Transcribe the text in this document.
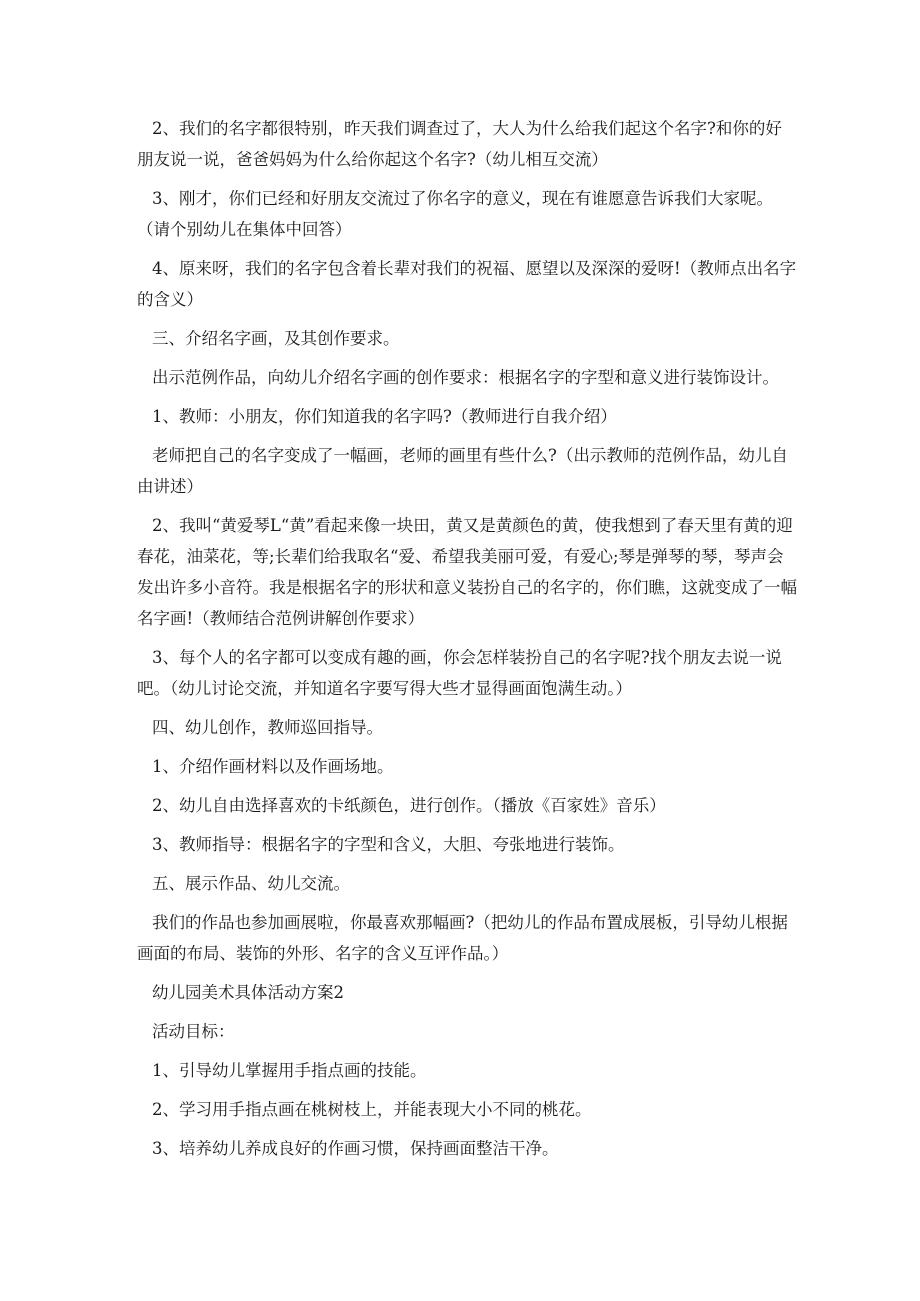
2、我们的名字都很特别，昨天我们调查过了，大人为什么给我们起这个名字?和你的好朋友说一说，爸爸妈妈为什么给你起这个名字?（幼儿相互交流）

3、刚才，你们已经和好朋友交流过了你名字的意义，现在有谁愿意告诉我们大家呢。（请个别幼儿在集体中回答）

4、原来呀，我们的名字包含着长辈对我们的祝福、愿望以及深深的爱呀!（教师点出名字的含义）

三、介绍名字画，及其创作要求。

出示范例作品，向幼儿介绍名字画的创作要求：根据名字的字型和意义进行装饰设计。

1、教师：小朋友，你们知道我的名字吗?（教师进行自我介绍）

老师把自己的名字变成了一幅画，老师的画里有些什么?（出示教师的范例作品，幼儿自由讲述）

2、我叫“黄爱琴L“黄”看起来像一块田，黄又是黄颜色的黄，使我想到了春天里有黄的迎春花，油菜花，等;长辈们给我取名“爱、希望我美丽可爱，有爱心;琴是弹琴的琴，琴声会发出许多小音符。我是根据名字的形状和意义装扮自己的名字的，你们瞧，这就变成了一幅名字画!（教师结合范例讲解创作要求）

3、每个人的名字都可以变成有趣的画，你会怎样装扮自己的名字呢?找个朋友去说一说吧。（幼儿讨论交流，并知道名字要写得大些才显得画面饱满生动。）

四、幼儿创作，教师巡回指导。

1、介绍作画材料以及作画场地。

2、幼儿自由选择喜欢的卡纸颜色，进行创作。（播放《百家姓》音乐）

3、教师指导：根据名字的字型和含义，大胆、夸张地进行装饰。

五、展示作品、幼儿交流。

我们的作品也参加画展啦，你最喜欢那幅画?（把幼儿的作品布置成展板，引导幼儿根据画面的布局、装饰的外形、名字的含义互评作品。）

幼儿园美术具体活动方案2

活动目标：

1、引导幼儿掌握用手指点画的技能。

2、学习用手指点画在桃树枝上，并能表现大小不同的桃花。

3、培养幼儿养成良好的作画习惯，保持画面整洁干净。
